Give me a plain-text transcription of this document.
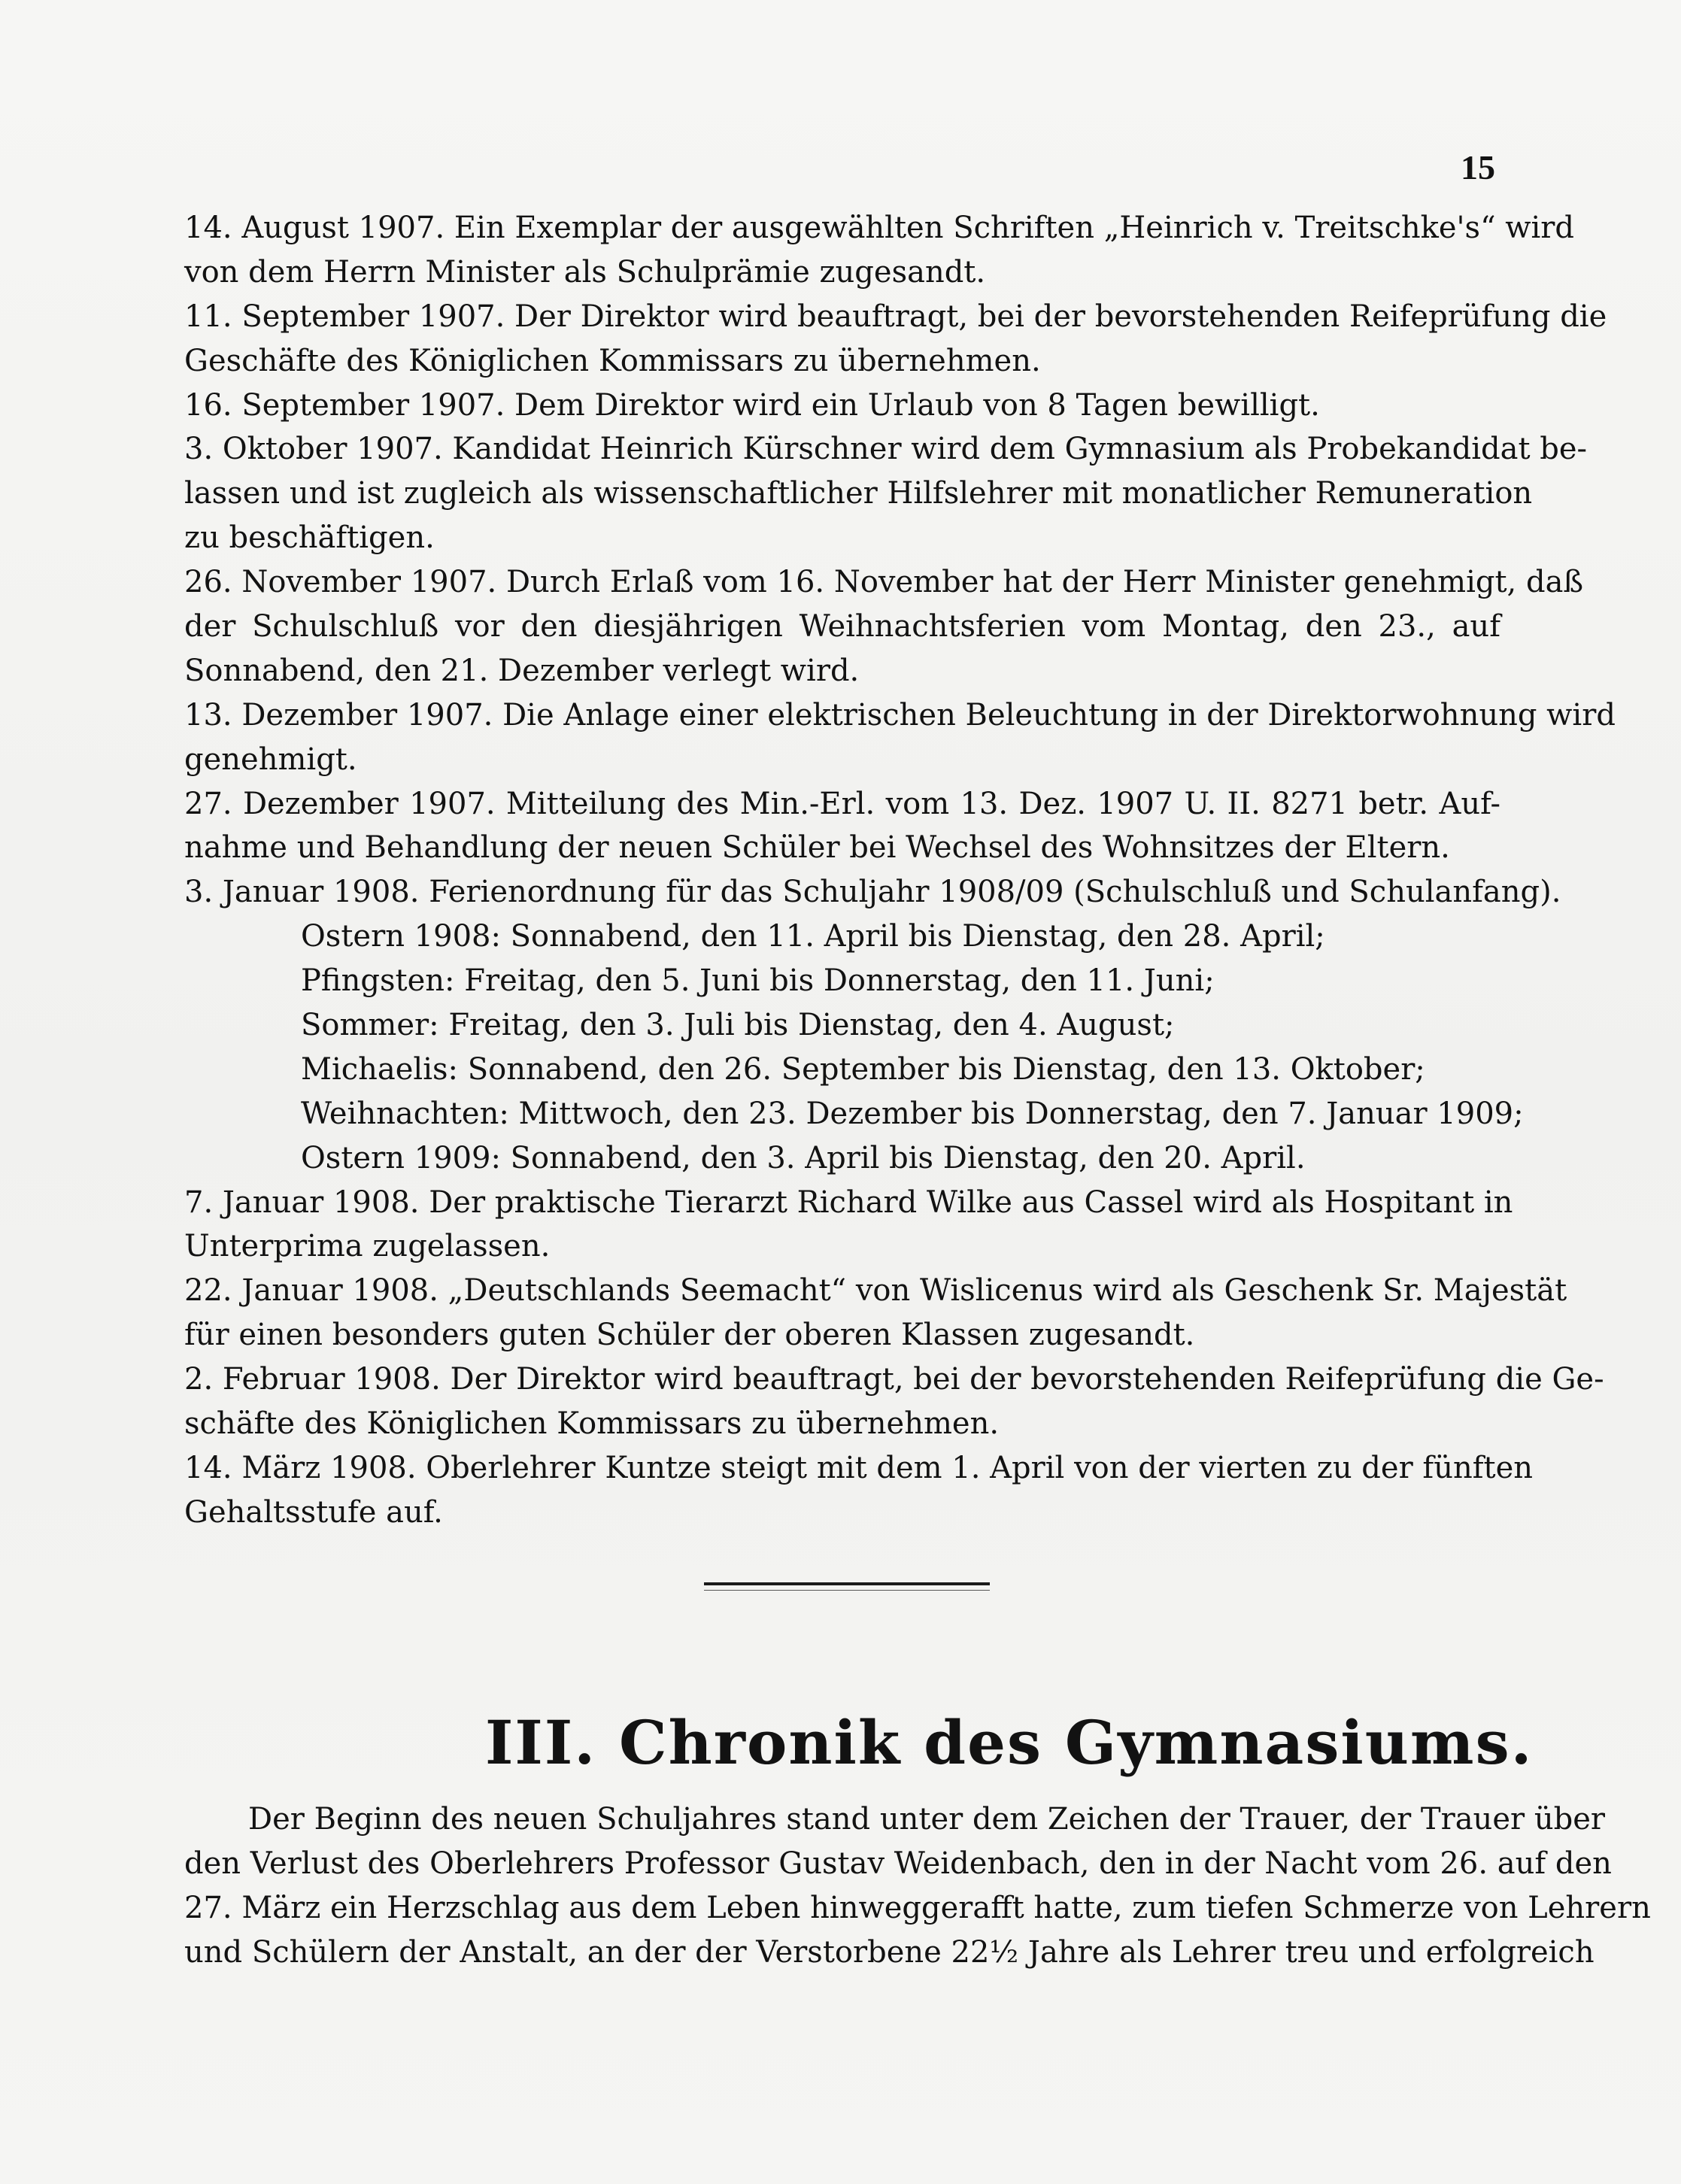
15
14. August 1907. Ein Exemplar der ausgewählten Schriften „Heinrich v. Treitschke's“ wird
von dem Herrn Minister als Schulprämie zugesandt.
11. September 1907. Der Direktor wird beauftragt, bei der bevorstehenden Reifeprüfung die
Geschäfte des Königlichen Kommissars zu übernehmen.
16. September 1907. Dem Direktor wird ein Urlaub von 8 Tagen bewilligt.
3. Oktober 1907. Kandidat Heinrich Kürschner wird dem Gymnasium als Probekandidat be-
lassen und ist zugleich als wissenschaftlicher Hilfslehrer mit monatlicher Remuneration
zu beschäftigen.
26. November 1907. Durch Erlaß vom 16. November hat der Herr Minister genehmigt, daß
der Schulschluß vor den diesjährigen Weihnachtsferien vom Montag, den 23., auf
Sonnabend, den 21. Dezember verlegt wird.
13. Dezember 1907. Die Anlage einer elektrischen Beleuchtung in der Direktorwohnung wird
genehmigt.
27. Dezember 1907. Mitteilung des Min.-Erl. vom 13. Dez. 1907 U. II. 8271 betr. Auf-
nahme und Behandlung der neuen Schüler bei Wechsel des Wohnsitzes der Eltern.
3. Januar 1908. Ferienordnung für das Schuljahr 1908/09 (Schulschluß und Schulanfang).
Ostern 1908: Sonnabend, den 11. April bis Dienstag, den 28. April;
Pfingsten: Freitag, den 5. Juni bis Donnerstag, den 11. Juni;
Sommer: Freitag, den 3. Juli bis Dienstag, den 4. August;
Michaelis: Sonnabend, den 26. September bis Dienstag, den 13. Oktober;
Weihnachten: Mittwoch, den 23. Dezember bis Donnerstag, den 7. Januar 1909;
Ostern 1909: Sonnabend, den 3. April bis Dienstag, den 20. April.
7. Januar 1908. Der praktische Tierarzt Richard Wilke aus Cassel wird als Hospitant in
Unterprima zugelassen.
22. Januar 1908. „Deutschlands Seemacht“ von Wislicenus wird als Geschenk Sr. Majestät
für einen besonders guten Schüler der oberen Klassen zugesandt.
2. Februar 1908. Der Direktor wird beauftragt, bei der bevorstehenden Reifeprüfung die Ge-
schäfte des Königlichen Kommissars zu übernehmen.
14. März 1908. Oberlehrer Kuntze steigt mit dem 1. April von der vierten zu der fünften
Gehaltsstufe auf.
III. Chronik des Gymnasiums.
Der Beginn des neuen Schuljahres stand unter dem Zeichen der Trauer, der Trauer über
den Verlust des Oberlehrers Professor Gustav Weidenbach, den in der Nacht vom 26. auf den
27. März ein Herzschlag aus dem Leben hinweggerafft hatte, zum tiefen Schmerze von Lehrern
und Schülern der Anstalt, an der der Verstorbene 22½ Jahre als Lehrer treu und erfolgreich
